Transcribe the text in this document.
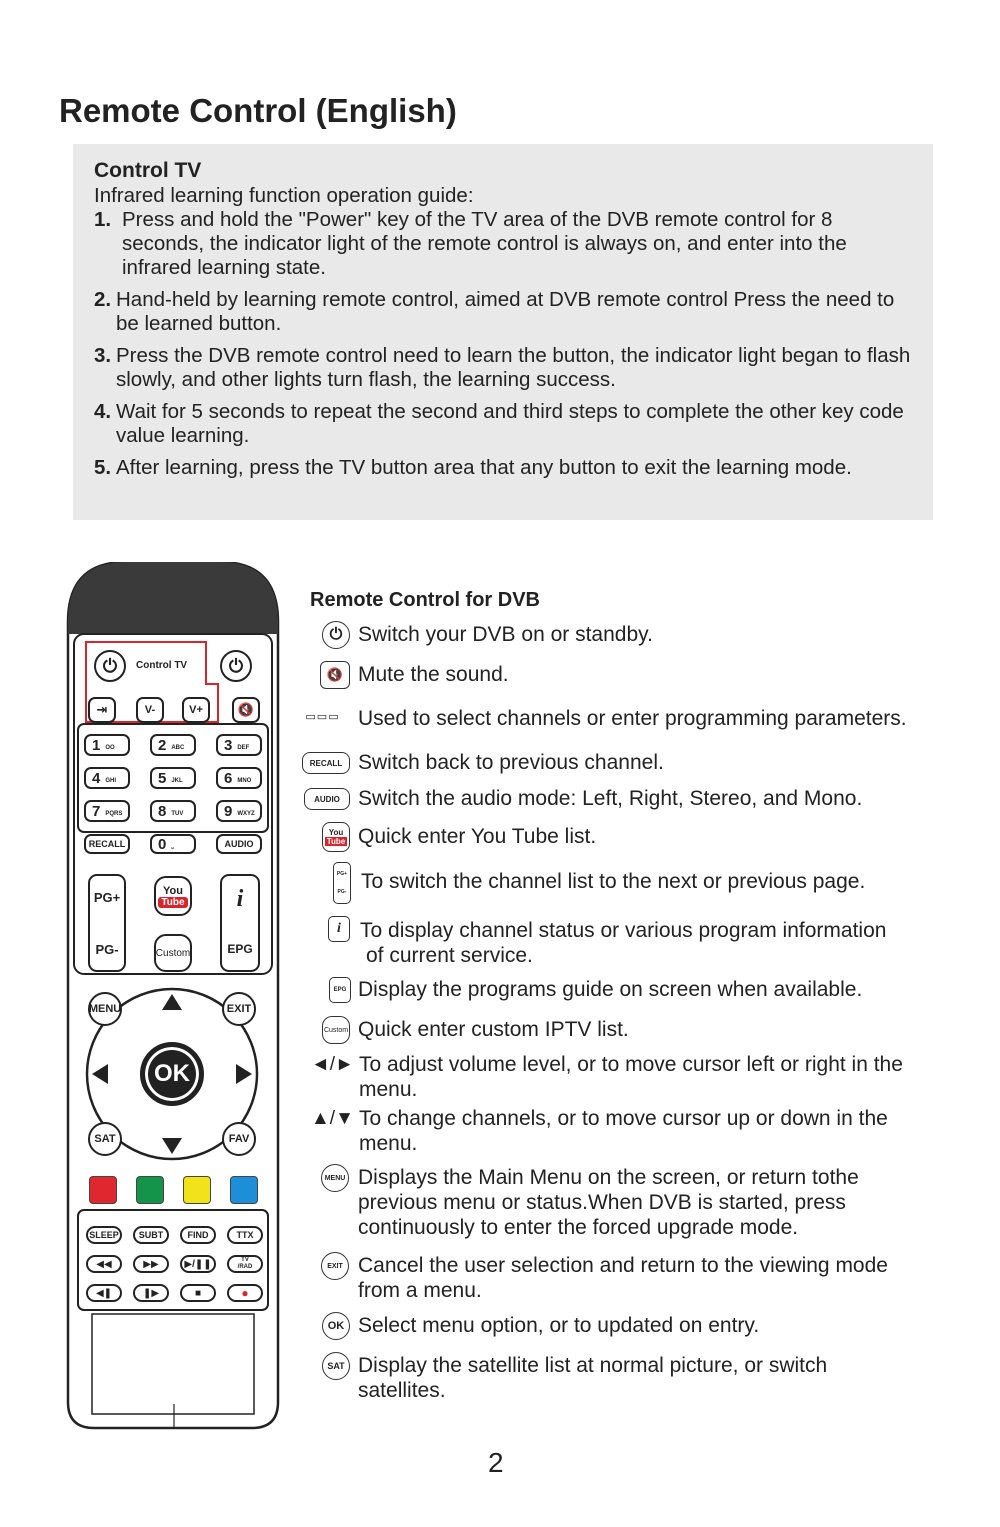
Remote Control (English)
Control TV
Infrared learning function operation guide:
1. Press and hold the "Power" key of the TV area of the DVB remote control for 8 seconds, the indicator light of the remote control is always on, and enter into the infrared learning state.
2. Hand-held by learning remote control, aimed at DVB remote control Press the need to be learned button.
3. Press the DVB remote control need to learn the button, the indicator light began to flash slowly, and other lights turn flash, the learning success.
4. Wait for 5 seconds to repeat the second and third steps to complete the other key code value learning.
5. After learning, press the TV button area that any button to exit the learning mode.
⏻	Control TV	⏻
⇥	V-	V+	🔇
1 OO	2 ABC	3 DEF
4 GHI	5 JKL	6 MNO
7 PQRS 8 TUV	9 WXYZ
RECALL	0 ⎵	AUDIO
PG+
PG-
You
Tube
Custom
i
EPG
MENU	EXIT
OK
SAT	FAV
SLEEP	SUBT	FIND	TTX
◀◀	▶▶	▶/❚❚	TV
/RAD
◀❚	❚▶	■	●
Remote Control for DVB
⏻ Switch your DVB on or standby.
🔇 Mute the sound.
▭▭▭ Used to select channels or enter programming parameters.
RECALL Switch back to previous channel.
AUDIO Switch the audio mode: Left, Right, Stereo, and Mono.
You
Tube Quick enter You Tube list.
PG+
PG- To switch the channel list to the next or previous page.
i To display channel status or various program information
of current service.
EPG Display the programs guide on screen when available.
Custom Quick enter custom IPTV list.
◄/► To adjust volume level, or to move cursor left or right in the
menu.
▲/▼ To change channels, or to move cursor up or down in the
menu.
MENU Displays the Main Menu on the screen, or return tothe
previous menu or status.When DVB is started, press
continuously to enter the forced upgrade mode.
EXIT Cancel the user selection and return to the viewing mode
from a menu.
OK Select menu option, or to updated on entry.
SAT Display the satellite list at normal picture, or switch
satellites.
2
